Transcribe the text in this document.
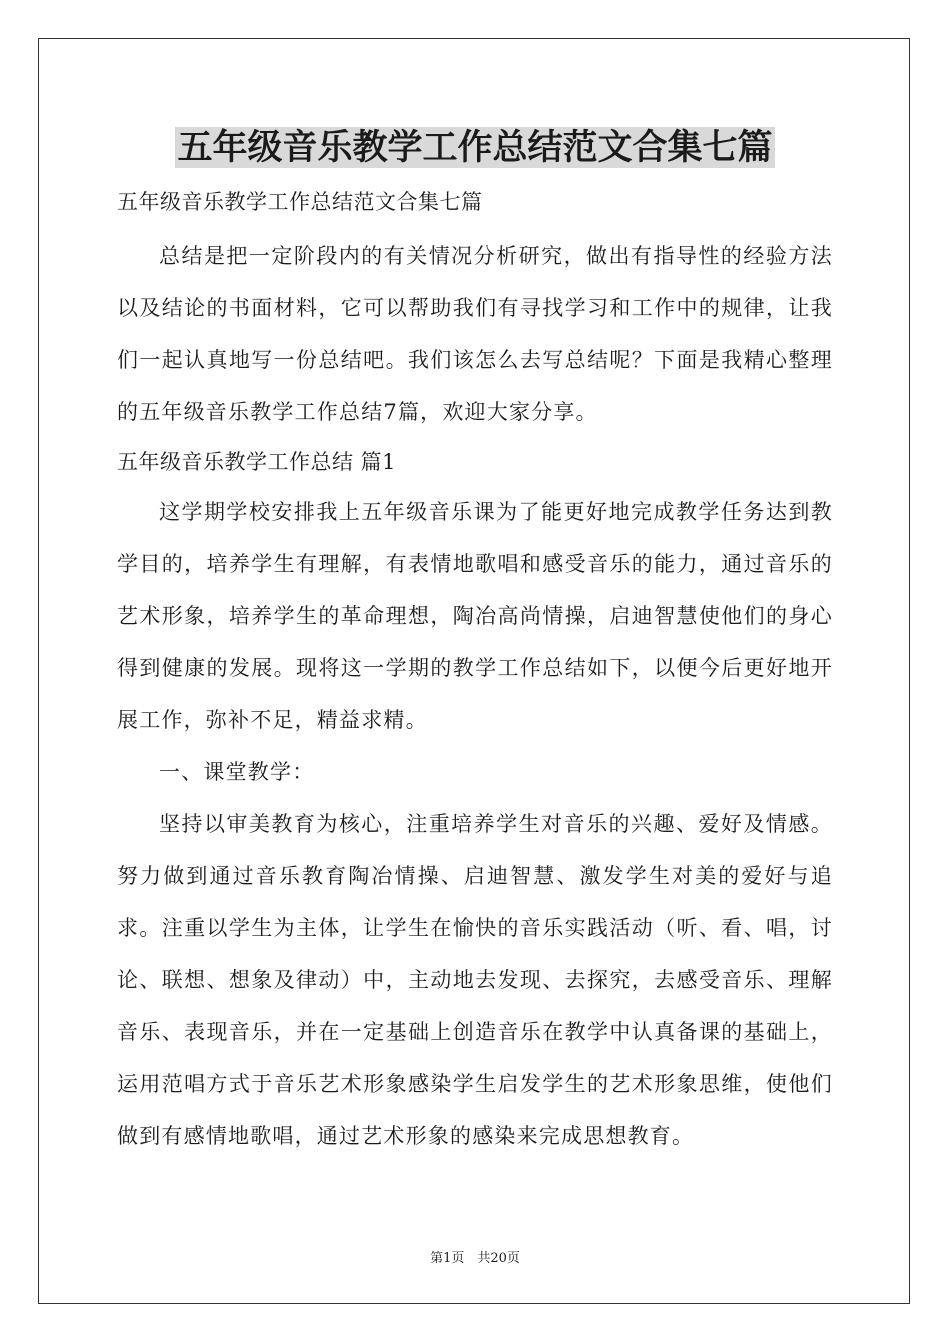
五年级音乐教学工作总结范文合集七篇

五年级音乐教学工作总结范文合集七篇

总结是把一定阶段内的有关情况分析研究，做出有指导性的经验方法以及结论的书面材料，它可以帮助我们有寻找学习和工作中的规律，让我们一起认真地写一份总结吧。我们该怎么去写总结呢？下面是我精心整理的五年级音乐教学工作总结7篇，欢迎大家分享。

五年级音乐教学工作总结 篇1

这学期学校安排我上五年级音乐课为了能更好地完成教学任务达到教学目的，培养学生有理解，有表情地歌唱和感受音乐的能力，通过音乐的艺术形象，培养学生的革命理想，陶冶高尚情操，启迪智慧使他们的身心得到健康的发展。现将这一学期的教学工作总结如下，以便今后更好地开展工作，弥补不足，精益求精。

一、课堂教学：

坚持以审美教育为核心，注重培养学生对音乐的兴趣、爱好及情感。努力做到通过音乐教育陶冶情操、启迪智慧、激发学生对美的爱好与追求。注重以学生为主体，让学生在愉快的音乐实践活动（听、看、唱，讨论、联想、想象及律动）中，主动地去发现、去探究，去感受音乐、理解音乐、表现音乐，并在一定基础上创造音乐在教学中认真备课的基础上，运用范唱方式于音乐艺术形象感染学生启发学生的艺术形象思维，使他们做到有感情地歌唱，通过艺术形象的感染来完成思想教育。

第1页　共20页
